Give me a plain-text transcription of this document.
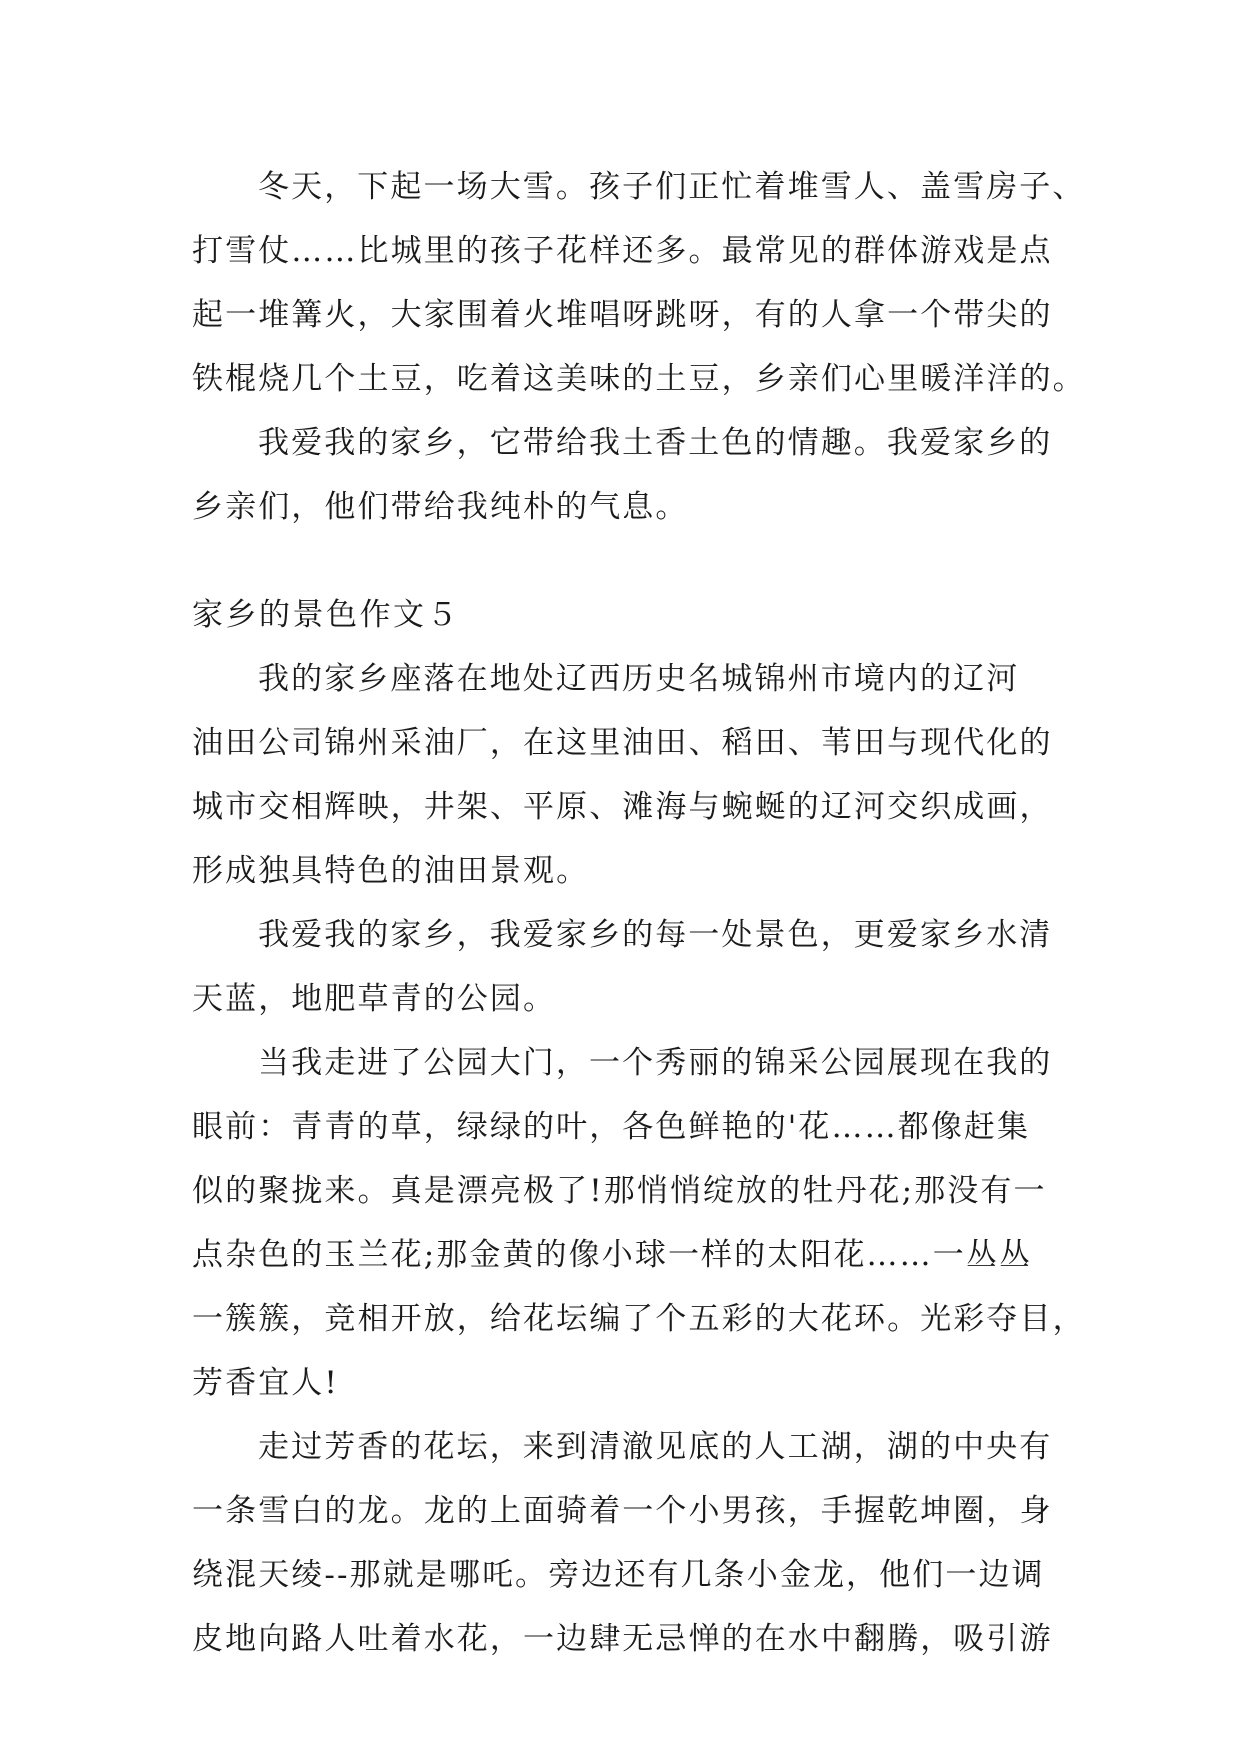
冬天，下起一场大雪。孩子们正忙着堆雪人、盖雪房子、
打雪仗……比城里的孩子花样还多。最常见的群体游戏是点
起一堆篝火，大家围着火堆唱呀跳呀，有的人拿一个带尖的
铁棍烧几个土豆，吃着这美味的土豆，乡亲们心里暖洋洋的。
我爱我的家乡，它带给我土香土色的情趣。我爱家乡的
乡亲们，他们带给我纯朴的气息。
家乡的景色作文５
我的家乡座落在地处辽西历史名城锦州市境内的辽河
油田公司锦州采油厂，在这里油田、稻田、苇田与现代化的
城市交相辉映，井架、平原、滩海与蜿蜒的辽河交织成画，
形成独具特色的油田景观。
我爱我的家乡，我爱家乡的每一处景色，更爱家乡水清
天蓝，地肥草青的公园。
当我走进了公园大门，一个秀丽的锦采公园展现在我的
眼前：青青的草，绿绿的叶，各色鲜艳的'花……都像赶集
似的聚拢来。真是漂亮极了!那悄悄绽放的牡丹花;那没有一
点杂色的玉兰花;那金黄的像小球一样的太阳花……一丛丛
一簇簇，竞相开放，给花坛编了个五彩的大花环。光彩夺目，
芳香宜人!
走过芳香的花坛，来到清澈见底的人工湖，湖的中央有
一条雪白的龙。龙的上面骑着一个小男孩，手握乾坤圈，身
绕混天绫--那就是哪吒。旁边还有几条小金龙，他们一边调
皮地向路人吐着水花，一边肆无忌惮的在水中翻腾，吸引游
